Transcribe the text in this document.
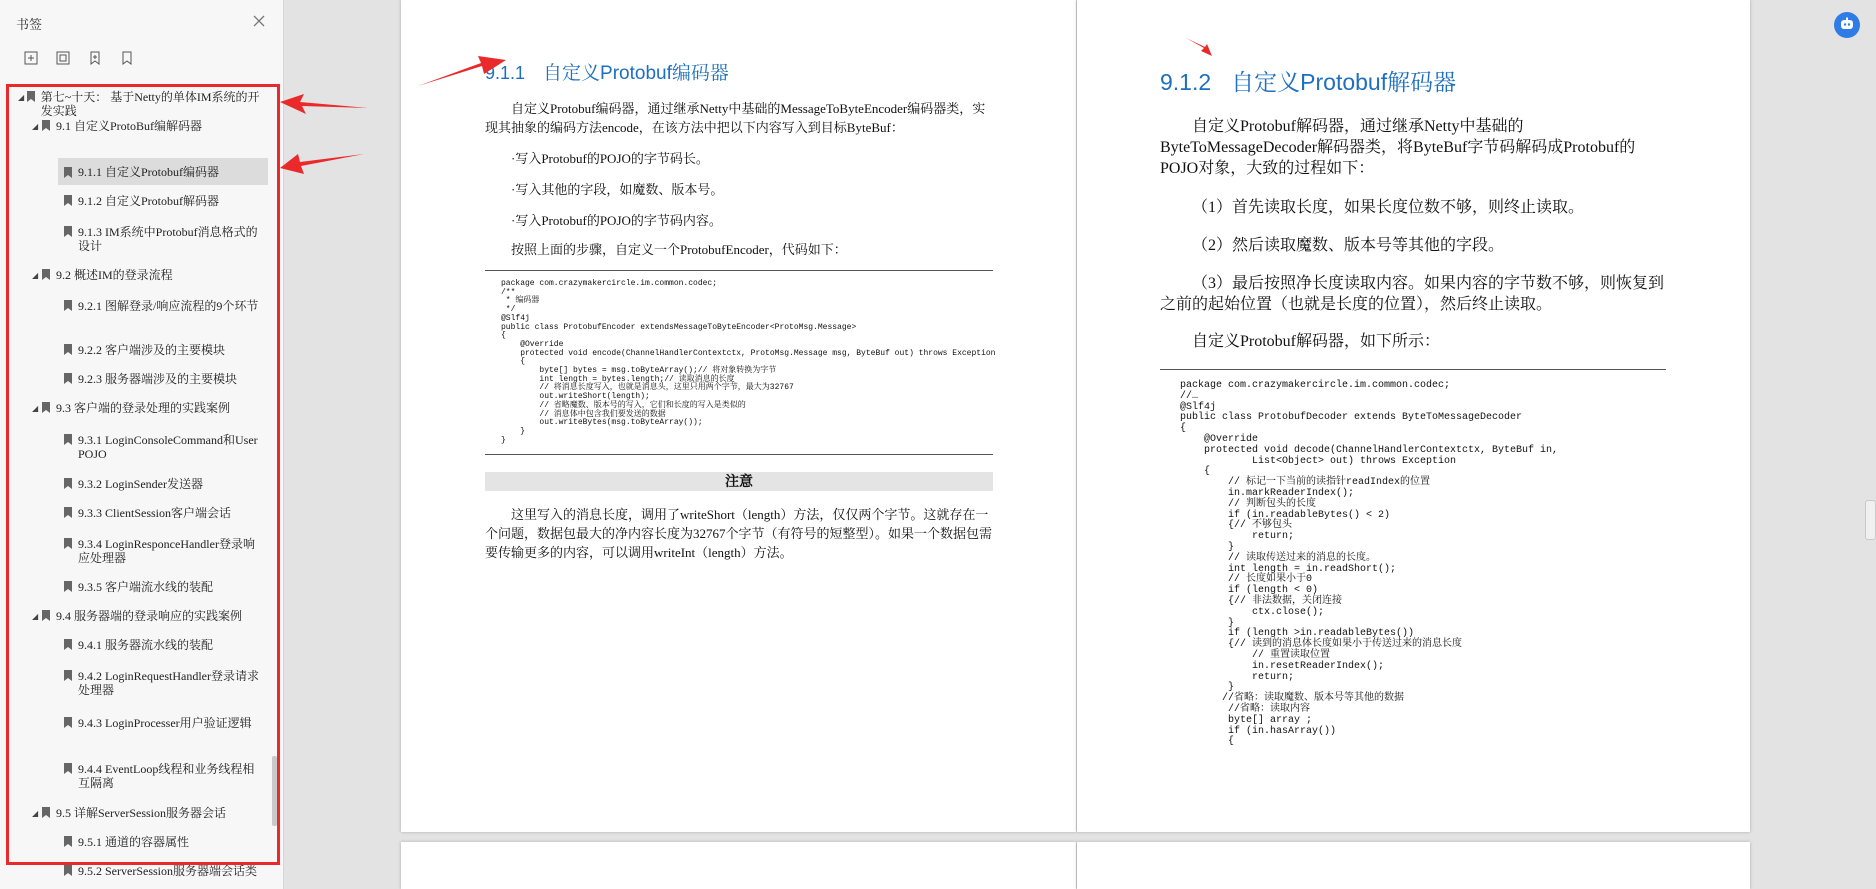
书签
◢ 第七~十天： 基于Netty的单体IM系统的开发实践
◢	9.1 自定义ProtoBuf编解码器
9.1.1 自定义Protobuf编码器
9.1.2 自定义Protobuf解码器
9.1.3 IM系统中Protobuf消息格式的设计
◢	9.2 概述IM的登录流程
9.2.1 图解登录/响应流程的9个环节
9.2.2 客户端涉及的主要模块
9.2.3 服务器端涉及的主要模块
◢	9.3 客户端的登录处理的实践案例
9.3.1 LoginConsoleCommand和User POJO
9.3.2 LoginSender发送器
9.3.3 ClientSession客户端会话
9.3.4 LoginResponceHandler登录响应处理器
9.3.5 客户端流水线的装配
◢	9.4 服务器端的登录响应的实践案例
9.4.1 服务器流水线的装配
9.4.2 LoginRequestHandler登录请求处理器
9.4.3 LoginProcesser用户验证逻辑
9.4.4 EventLoop线程和业务线程相互隔离
◢	9.5 详解ServerSession服务器会话
9.5.1 通道的容器属性
9.5.2 ServerSession服务器端会话类
9.1.1 自定义Protobuf编码器
自定义Protobuf编码器，通过继承Netty中基础的MessageToByteEncoder编码器类，实现其抽象的编码方法encode，在该方法中把以下内容写入到目标ByteBuf：
·写入Protobuf的POJO的字节码长。
·写入其他的字段，如魔数、版本号。
·写入Protobuf的POJO的字节码内容。
按照上面的步骤，自定义一个ProtobufEncoder，代码如下：
package com.crazymakercircle.im.common.codec;
/**
* 编码器
*/
@Slf4j
public class ProtobufEncoder extendsMessageToByteEncoder<ProtoMsg.Message>
{
@Override
protected void encode(ChannelHandlerContextctx, ProtoMsg.Message msg, ByteBuf out) throws Exception
{
byte[] bytes = msg.toByteArray();// 将对象转换为字节
int length = bytes.length;// 读取消息的长度
// 将消息长度写入，也就是消息头，这里只用两个字节，最大为32767
out.writeShort(length);
// 省略魔数、版本号的写入，它们和长度的写入是类似的
// 消息体中包含我们要发送的数据
out.writeBytes(msg.toByteArray());
}
}
注意
这里写入的消息长度，调用了writeShort（length）方法，仅仅两个字节。这就存在一个问题，数据包最大的净内容长度为32767个字节（有符号的短整型）。如果一个数据包需要传输更多的内容，可以调用writeInt（length）方法。
9.1.2 自定义Protobuf解码器
自定义Protobuf解码器，通过继承Netty中基础的ByteToMessageDecoder解码器类，将ByteBuf字节码解码成Protobuf的POJO对象，大致的过程如下：
（1）首先读取长度，如果长度位数不够，则终止读取。
（2）然后读取魔数、版本号等其他的字段。
（3）最后按照净长度读取内容。如果内容的字节数不够，则恢复到之前的起始位置（也就是长度的位置），然后终止读取。
自定义Protobuf解码器，如下所示：
package com.crazymakercircle.im.common.codec;
//…
@Slf4j
public class ProtobufDecoder extends ByteToMessageDecoder
{
@Override
protected void decode(ChannelHandlerContextctx, ByteBuf in,
List<Object> out) throws Exception
{
// 标记一下当前的读指针readIndex的位置
in.markReaderIndex();
// 判断包头的长度
if (in.readableBytes() < 2)
{// 不够包头
return;
}
// 读取传送过来的消息的长度。
int length = in.readShort();
// 长度如果小于0
if (length < 0)
{// 非法数据，关闭连接
ctx.close();
}
if (length >in.readableBytes())
{// 读到的消息体长度如果小于传送过来的消息长度
// 重置读取位置
in.resetReaderIndex();
return;
}
//省略：读取魔数、版本号等其他的数据
//省略：读取内容
byte[] array ;
if (in.hasArray())
{
